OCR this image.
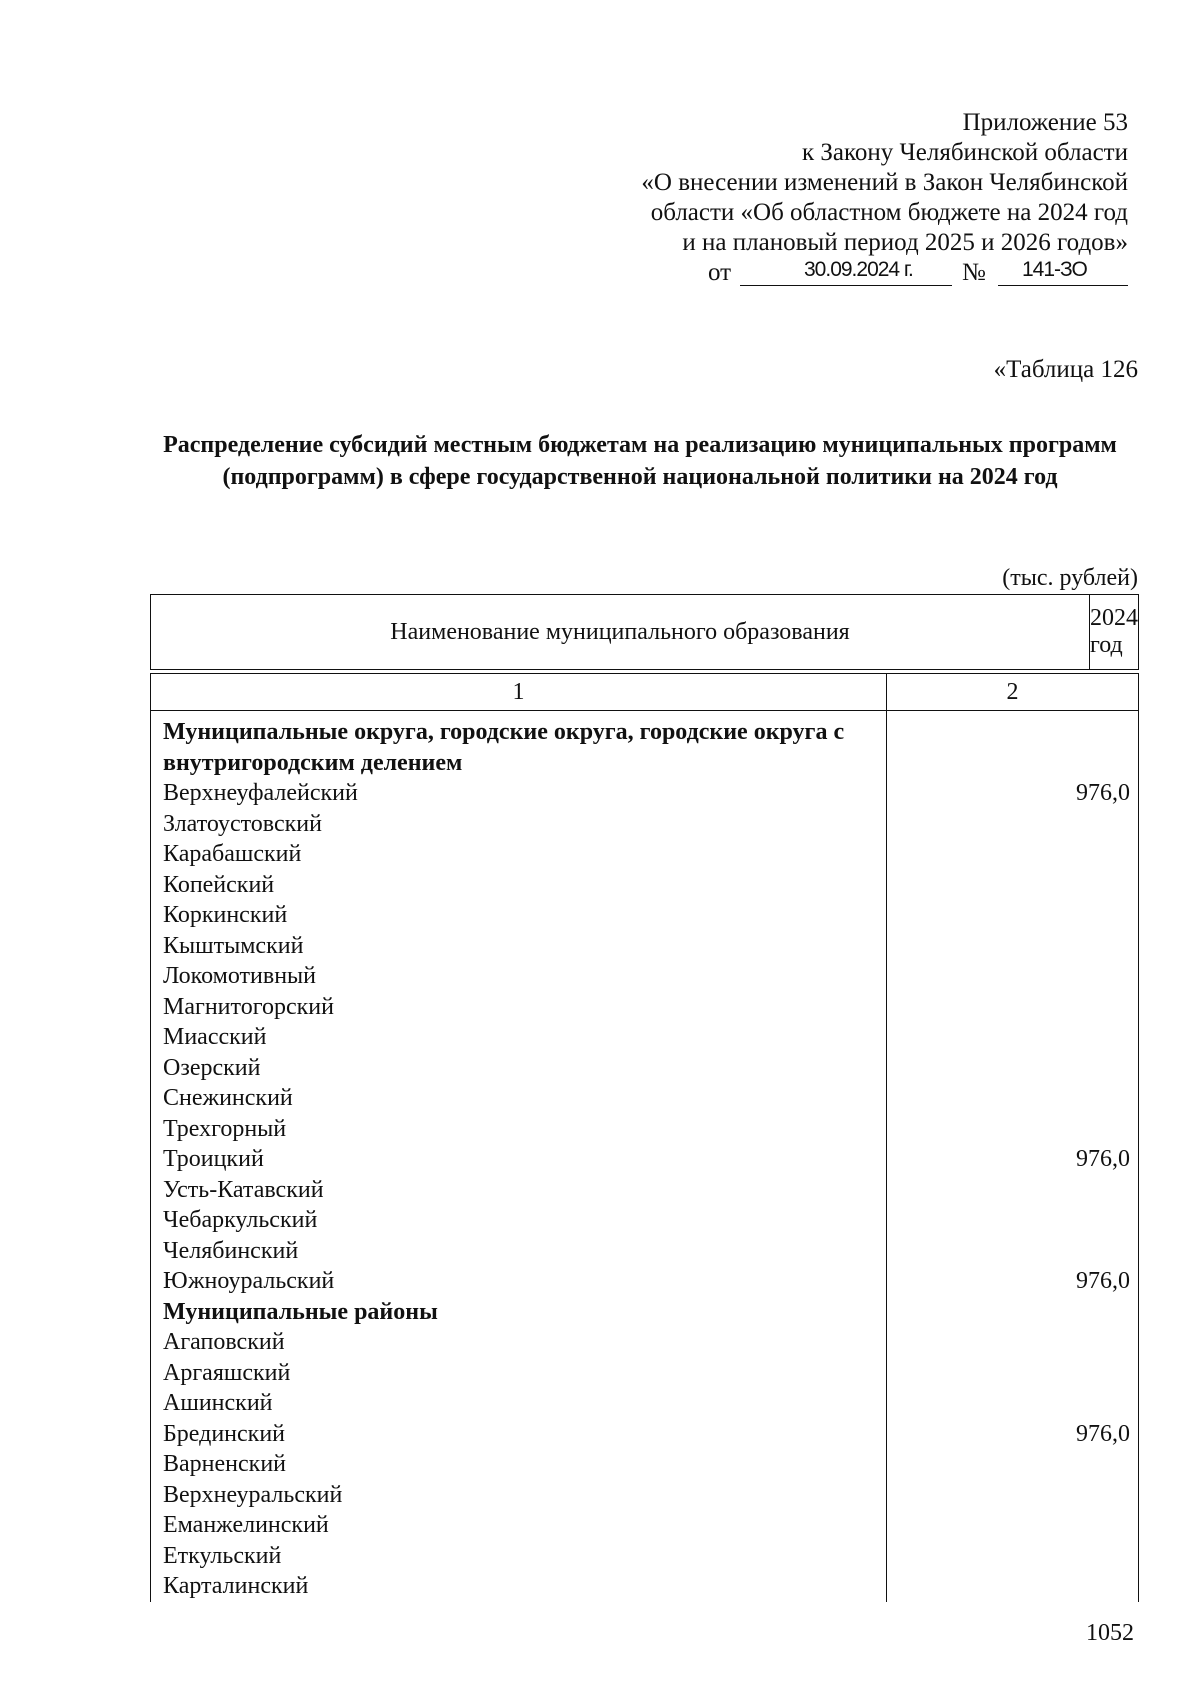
Приложение 53
к Закону Челябинской области
«О внесении изменений в Закон Челябинской
области «Об областном бюджете на 2024 год
и на плановый период 2025 и 2026 годов»
от	30.09.2024 г. № 141-ЗО
«Таблица 126
Распределение субсидий местным бюджетам на реализацию муниципальных программ (подпрограмм) в сфере государственной национальной политики на 2024 год
(тыс. рублей)
Наименование муниципального образования
2024 год
1	2
Муниципальные округа, городские округа, городские округа с внутригородским делением
Верхнеуфалейский
Златоустовский
Карабашский
Копейский
Коркинский
Кыштымский
Локомотивный
Магнитогорский
Миасский
Озерский
Снежинский
Трехгорный
Троицкий
Усть-Катавский
Чебаркульский
Челябинский
Южноуральский
Муниципальные районы
Агаповский
Аргаяшский
Ашинский
Брединский
Варненский
Верхнеуральский
Еманжелинский
Еткульский
Карталинский
976,0
976,0
976,0
976,0
1052
